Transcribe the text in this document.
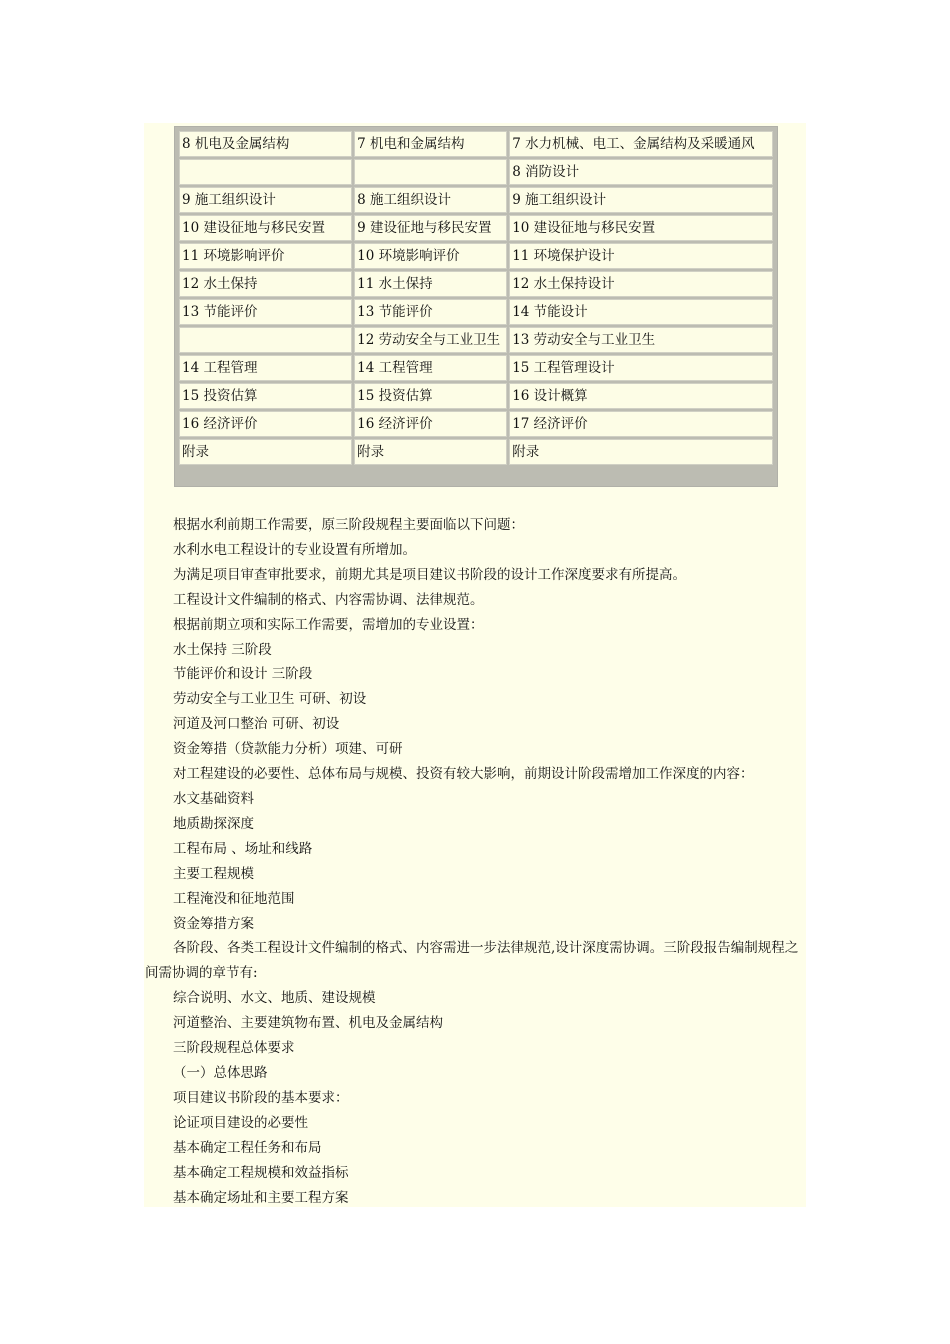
8 机电及金属结构	7 机电和金属结构	7 水力机械、电工、金属结构及采暖通风
		8 消防设计
9 施工组织设计	8 施工组织设计	9 施工组织设计
10 建设征地与移民安置	9 建设征地与移民安置	10 建设征地与移民安置
11 环境影响评价	10 环境影响评价	11 环境保护设计
12 水土保持	11 水土保持	12 水土保持设计
13 节能评价	13 节能评价	14 节能设计
	12 劳动安全与工业卫生	13 劳动安全与工业卫生
14 工程管理	14 工程管理	15 工程管理设计
15 投资估算	15 投资估算	16 设计概算
16 经济评价	16 经济评价	17 经济评价
附录	附录	附录

根据水利前期工作需要，原三阶段规程主要面临以下问题：

水利水电工程设计的专业设置有所增加。

为满足项目审查审批要求，前期尤其是项目建议书阶段的设计工作深度要求有所提高。

工程设计文件编制的格式、内容需协调、法律规范。

根据前期立项和实际工作需要，需增加的专业设置：

水土保持 三阶段

节能评价和设计 三阶段

劳动安全与工业卫生 可研、初设

河道及河口整治 可研、初设

资金筹措（贷款能力分析）项建、可研

对工程建设的必要性、总体布局与规模、投资有较大影响，前期设计阶段需增加工作深度的内容：

水文基础资料

地质勘探深度

工程布局 、场址和线路

主要工程规模

工程淹没和征地范围

资金筹措方案

各阶段、各类工程设计文件编制的格式、内容需进一步法律规范,设计深度需协调。三阶段报告编制规程之间需协调的章节有:

综合说明、水文、地质、建设规模

河道整治、主要建筑物布置、机电及金属结构

三阶段规程总体要求

（一）总体思路

项目建议书阶段的基本要求：

论证项目建设的必要性

基本确定工程任务和布局

基本确定工程规模和效益指标

基本确定场址和主要工程方案
